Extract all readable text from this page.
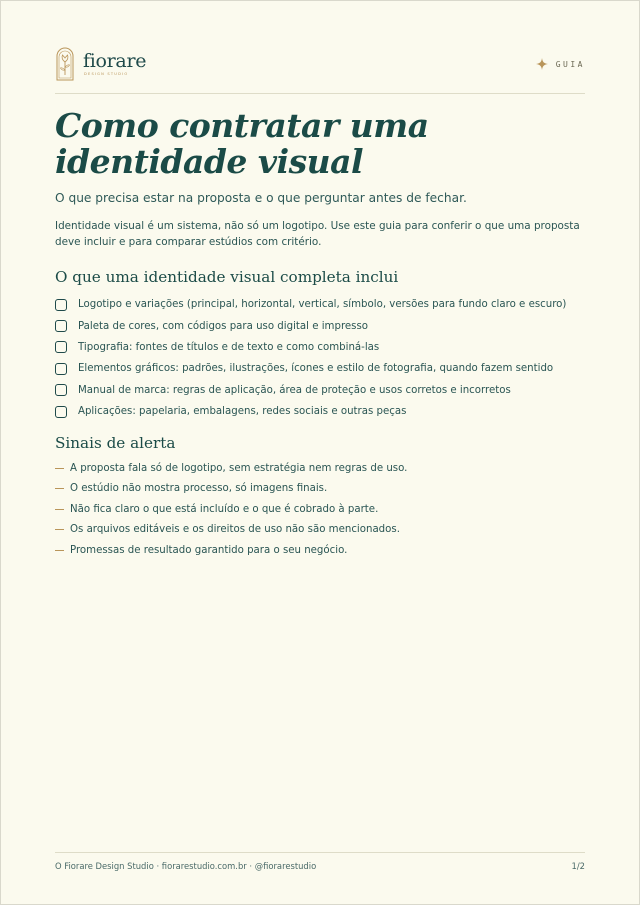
fiorare
DESIGN STUDIO
GUIA
Como contratar uma identidade visual

O que precisa estar na proposta e o que perguntar antes de fechar.

Identidade visual é um sistema, não só um logotipo. Use este guia para conferir o que uma proposta deve incluir e para comparar estúdios com critério.

O que uma identidade visual completa inclui
Logotipo e variações (principal, horizontal, vertical, símbolo, versões para fundo claro e escuro)
Paleta de cores, com códigos para uso digital e impresso
Tipografia: fontes de títulos e de texto e como combiná-las
Elementos gráficos: padrões, ilustrações, ícones e estilo de fotografia, quando fazem sentido
Manual de marca: regras de aplicação, área de proteção e usos corretos e incorretos
Aplicações: papelaria, embalagens, redes sociais e outras peças
Sinais de alerta
A proposta fala só de logotipo, sem estratégia nem regras de uso.
O estúdio não mostra processo, só imagens finais.
Não fica claro o que está incluído e o que é cobrado à parte.
Os arquivos editáveis e os direitos de uso não são mencionados.
Promessas de resultado garantido para o seu negócio.
O Fiorare Design Studio · fiorarestudio.com.br · @fiorarestudio	1/2
